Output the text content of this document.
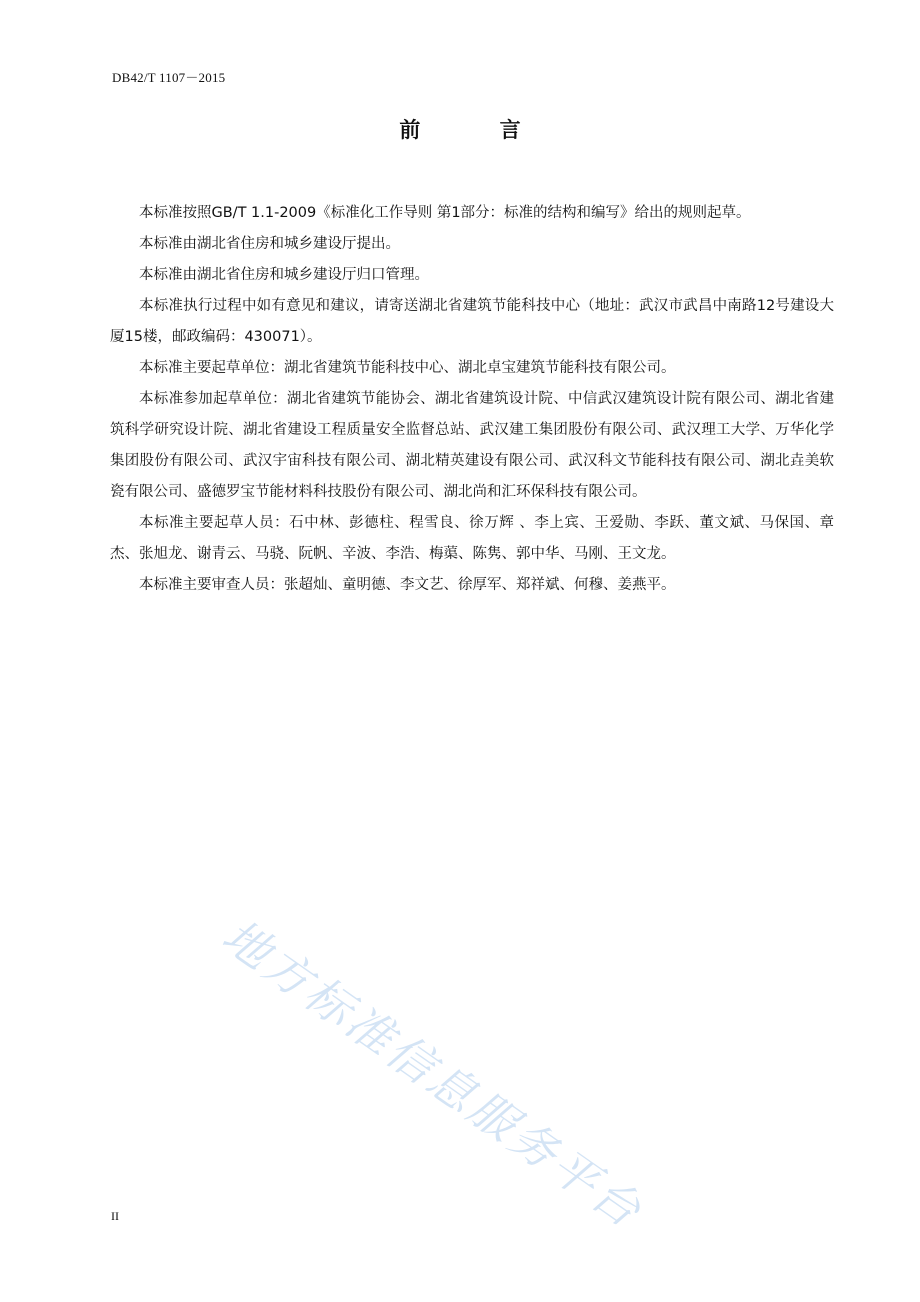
DB42/T 1107－2015
前 言

本标准按照GB/T 1.1-2009《标准化工作导则 第1部分：标准的结构和编写》给出的规则起草。

本标准由湖北省住房和城乡建设厅提出。

本标准由湖北省住房和城乡建设厅归口管理。

本标准执行过程中如有意见和建议，请寄送湖北省建筑节能科技中心（地址：武汉市武昌中南路12号建设大厦15楼，邮政编码：430071）。

本标准主要起草单位：湖北省建筑节能科技中心、湖北卓宝建筑节能科技有限公司。

本标准参加起草单位：湖北省建筑节能协会、湖北省建筑设计院、中信武汉建筑设计院有限公司、湖北省建筑科学研究设计院、湖北省建设工程质量安全监督总站、武汉建工集团股份有限公司、武汉理工大学、万华化学集团股份有限公司、武汉宇宙科技有限公司、湖北精英建设有限公司、武汉科文节能科技有限公司、湖北垚美软瓷有限公司、盛德罗宝节能材料科技股份有限公司、湖北尚和汇环保科技有限公司。

本标准主要起草人员：石中林、彭德柱、程雪良、徐万辉 、李上宾、王爱勋、李跃、董文斌、马保国、章杰、张旭龙、谢青云、马骁、阮帆、辛波、李浩、梅蕖、陈隽、郭中华、马刚、王文龙。

本标准主要审查人员：张超灿、童明德、李文艺、徐厚军、郑祥斌、何穆、姜燕平。

地方标准信息服务平台
II
